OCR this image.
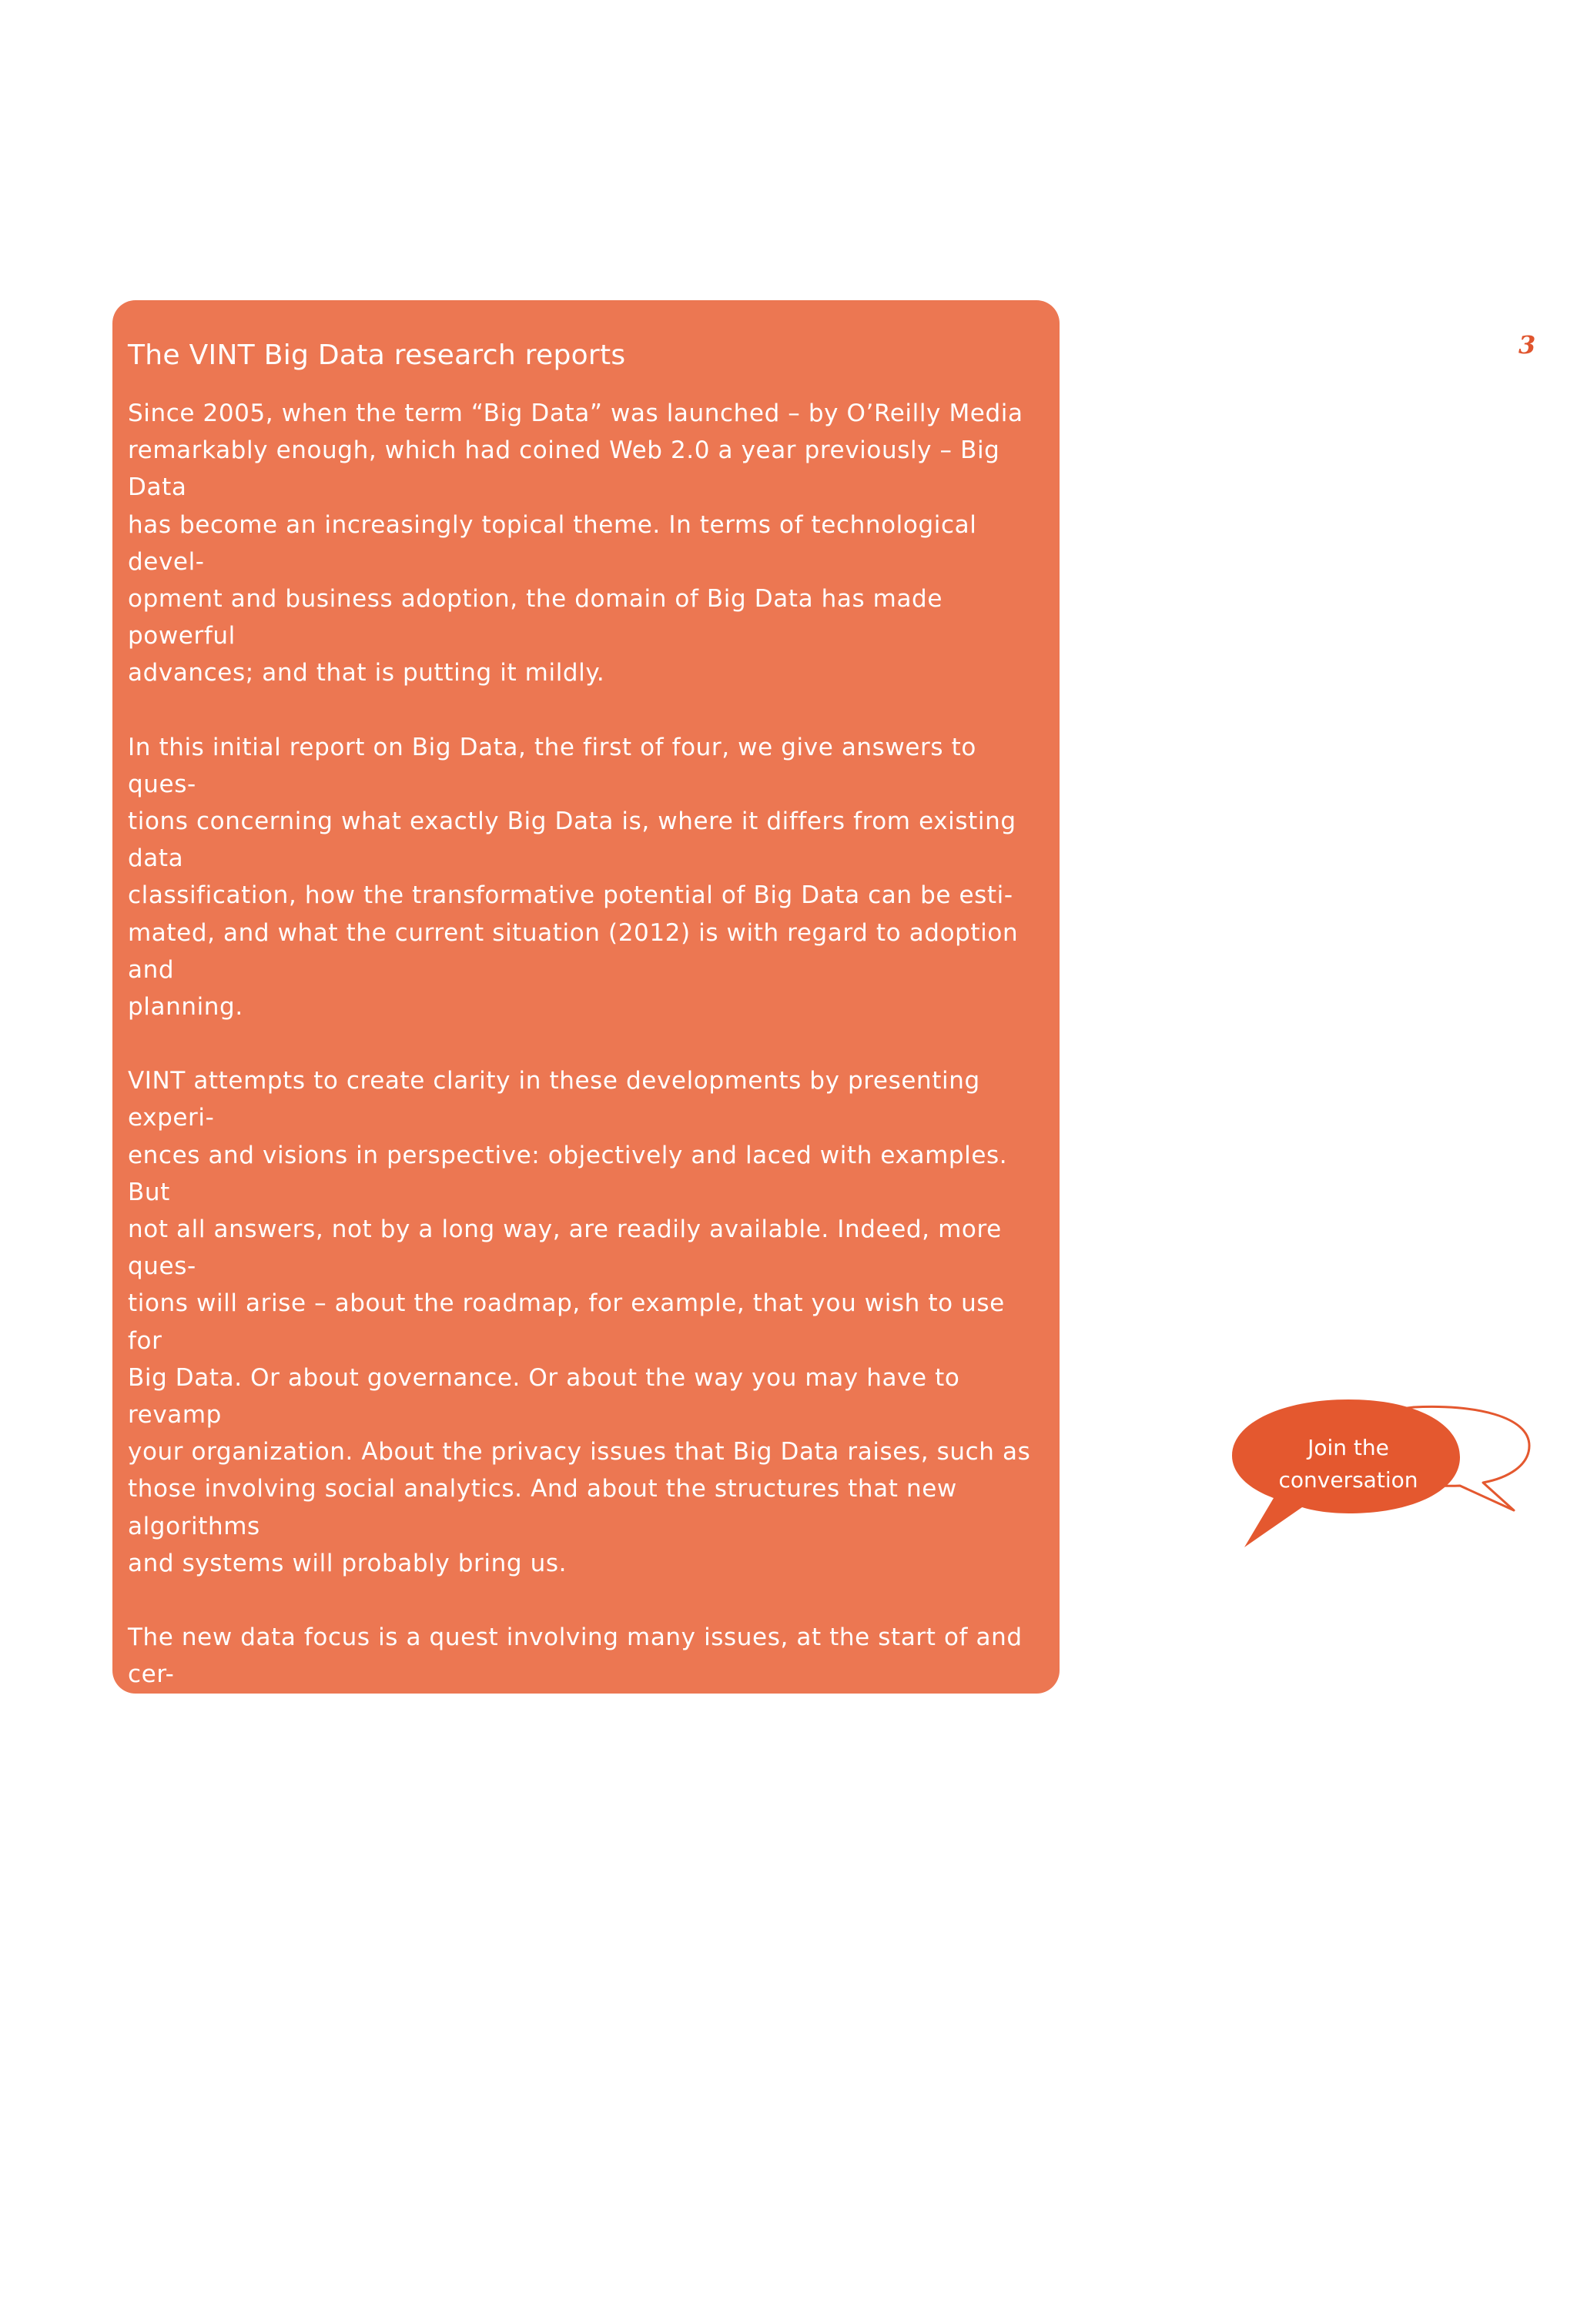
The VINT Big Data research reports

Since 2005, when the term “Big Data” was launched – by O’Reilly Media
remarkably enough, which had coined Web 2.0 a year previously – Big Data
has become an increasingly topical theme. In terms of technological devel-
opment and business adoption, the domain of Big Data has made powerful
advances; and that is putting it mildly.

In this initial report on Big Data, the first of four, we give answers to ques-
tions concerning what exactly Big Data is, where it differs from existing data
classification, how the transformative potential of Big Data can be esti-
mated, and what the current situation (2012) is with regard to adoption and
planning.

VINT attempts to create clarity in these developments by presenting experi-
ences and visions in perspective: objectively and laced with examples. But
not all answers, not by a long way, are readily available. Indeed, more ques-
tions will arise – about the roadmap, for example, that you wish to use for
Big Data. Or about governance. Or about the way you may have to revamp
your organization. About the privacy issues that Big Data raises, such as
those involving social analytics. And about the structures that new algorithms
and systems will probably bring us.

The new data focus is a quest involving many issues, at the start of and cer-
tainly during the entire journey. That is why we will be pleased to exchange
thoughts with you: online, at www.sogeti.com/vint/bigdata/questions, and in
personal conversations, of course. By actively participating in the discussion,
you can sharpen your (and our) ideas with respect to Big Data and come
to progressive insights for taking lucid and responsible decisions. In this
way, we jointly determine the concrete substantiation of the coming three
research reports after this kick-off on the topic of Big Data.

For inspiration, we have included seven questions to which we would very
much like to receive a response or, rather, your opinion. You can click on
the relevant buttons in the PDF version of this document. You will then be
directly transported to the discussion in question.

3
Join the
conversation
